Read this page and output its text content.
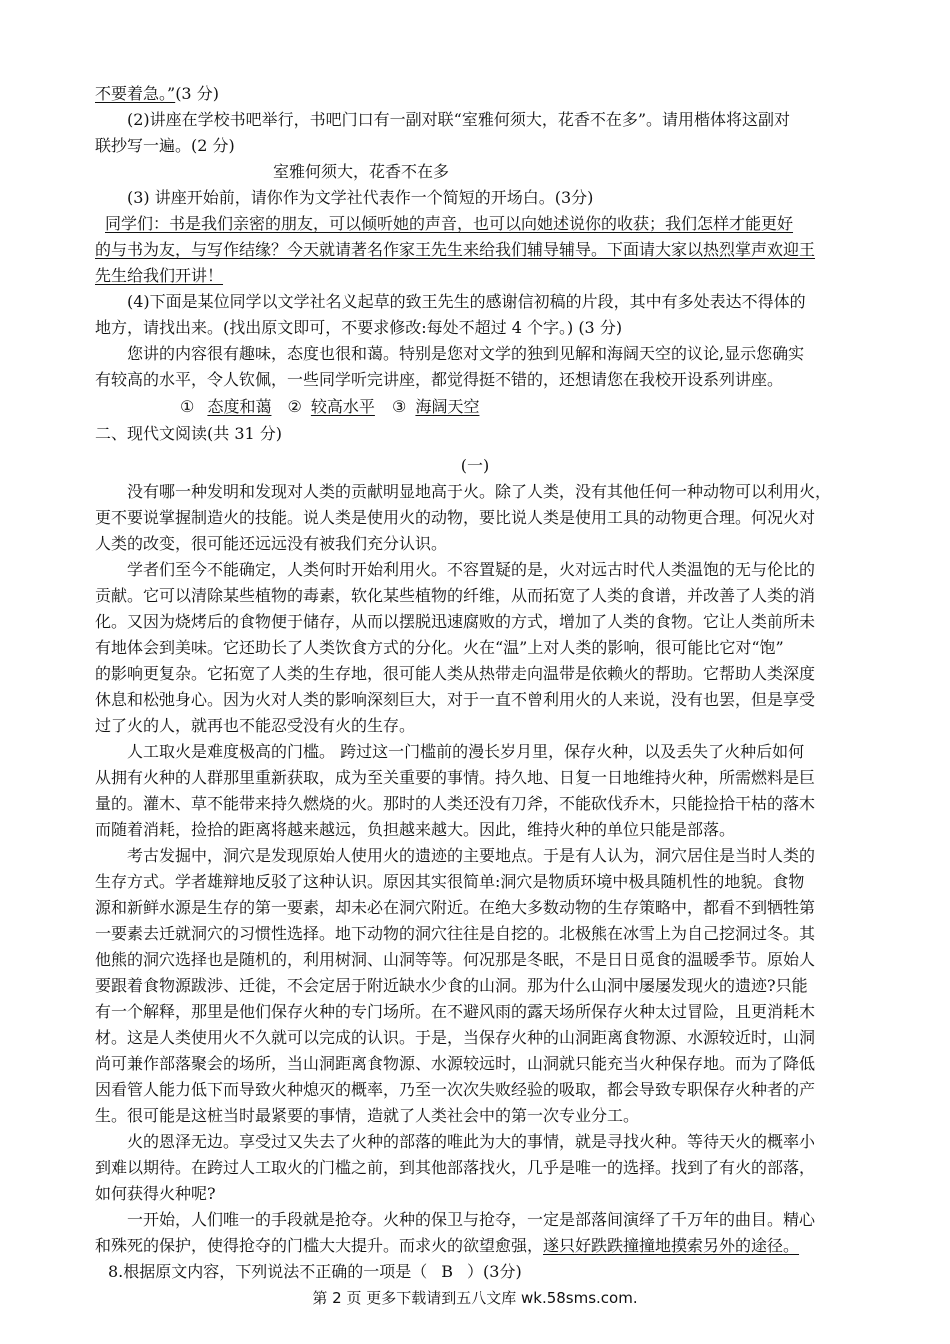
不要着急。”(3 分)
(2)讲座在学校书吧举行，书吧门口有一副对联“室雅何须大，花香不在多”。请用楷体将这副对
联抄写一遍。(2 分)
室雅何须大，花香不在多
(3) 讲座开始前，请你作为文学社代表作一个简短的开场白。(3分)
同学们：书是我们亲密的朋友，可以倾听她的声音，也可以向她述说你的收获；我们怎样才能更好
的与书为友，与写作结缘？今天就请著名作家王先生来给我们辅导辅导。下面请大家以热烈掌声欢迎王
先生给我们开讲！
(4)下面是某位同学以文学社名义起草的致王先生的感谢信初稿的片段，其中有多处表达不得体的
地方，请找出来。(找出原文即可，不要求修改:每处不超过 4 个字。) (3 分)
您讲的内容很有趣味，态度也很和蔼。特别是您对文学的独到见解和海阔天空的议论,显示您确实
有较高的水平，令人钦佩，一些同学听完讲座，都觉得挺不错的，还想请您在我校开设系列讲座。
① 态度和蔼 ② 较高水平 ③ 海阔天空
二、现代文阅读(共 31 分)
(一)
没有哪一种发明和发现对人类的贡献明显地高于火。除了人类，没有其他任何一种动物可以利用火，
更不要说掌握制造火的技能。说人类是使用火的动物，要比说人类是使用工具的动物更合理。何况火对
人类的改变，很可能还远远没有被我们充分认识。
学者们至今不能确定，人类何时开始利用火。不容置疑的是，火对远古时代人类温饱的无与伦比的
贡献。它可以清除某些植物的毒素，软化某些植物的纤维，从而拓宽了人类的食谱，并改善了人类的消
化。又因为烧烤后的食物便于储存，从而以摆脱迅速腐败的方式，增加了人类的食物。它让人类前所未
有地体会到美味。它还助长了人类饮食方式的分化。火在“温”上对人类的影响，很可能比它对“饱”
的影响更复杂。它拓宽了人类的生存地，很可能人类从热带走向温带是依赖火的帮助。它帮助人类深度
休息和松弛身心。因为火对人类的影响深刻巨大，对于一直不曾利用火的人来说，没有也罢，但是享受
过了火的人，就再也不能忍受没有火的生存。
人工取火是难度极高的门槛。 跨过这一门槛前的漫长岁月里，保存火种，以及丢失了火种后如何
从拥有火种的人群那里重新获取，成为至关重要的事情。持久地、日复一日地维持火种，所需燃料是巨
量的。灌木、草不能带来持久燃烧的火。那时的人类还没有刀斧，不能砍伐乔木，只能捡拾干枯的落木
而随着消耗，捡拾的距离将越来越远，负担越来越大。因此，维持火种的单位只能是部落。
考古发掘中，洞穴是发现原始人使用火的遗迹的主要地点。于是有人认为，洞穴居住是当时人类的
生存方式。学者雄辩地反驳了这种认识。原因其实很简单:洞穴是物质环境中极具随机性的地貌。食物
源和新鲜水源是生存的第一要素，却未必在洞穴附近。在绝大多数动物的生存策略中，都看不到牺牲第
一要素去迁就洞穴的习惯性选择。地下动物的洞穴往往是自挖的。北极熊在冰雪上为自己挖洞过冬。其
他熊的洞穴选择也是随机的，利用树洞、山洞等等。何况那是冬眠，不是日日觅食的温暖季节。原始人
要跟着食物源跋涉、迁徙，不会定居于附近缺水少食的山洞。那为什么山洞中屡屡发现火的遗迹?只能
有一个解释，那里是他们保存火种的专门场所。在不避风雨的露天场所保存火种太过冒险，且更消耗木
材。这是人类使用火不久就可以完成的认识。于是，当保存火种的山洞距离食物源、水源较近时，山洞
尚可兼作部落聚会的场所，当山洞距离食物源、水源较远时，山洞就只能充当火种保存地。而为了降低
因看管人能力低下而导致火种熄灭的概率，乃至一次次失败经验的吸取，都会导致专职保存火种者的产
生。很可能是这桩当时最紧要的事情，造就了人类社会中的第一次专业分工。
火的恩泽无边。享受过又失去了火种的部落的唯此为大的事情，就是寻找火种。等待天火的概率小
到难以期待。在跨过人工取火的门槛之前，到其他部落找火，几乎是唯一的选择。找到了有火的部落，
如何获得火种呢?
一开始，人们唯一的手段就是抢夺。火种的保卫与抢夺，一定是部落间演绎了千万年的曲目。精心
和殊死的保护，使得抢夺的门槛大大提升。而求火的欲望愈强，遂只好跌跌撞撞地摸索另外的途径。
8.根据原文内容，下列说法不正确的一项是（ B ）(3分)
第 2 页 更多下载请到五八文库 wk.58sms.com.
